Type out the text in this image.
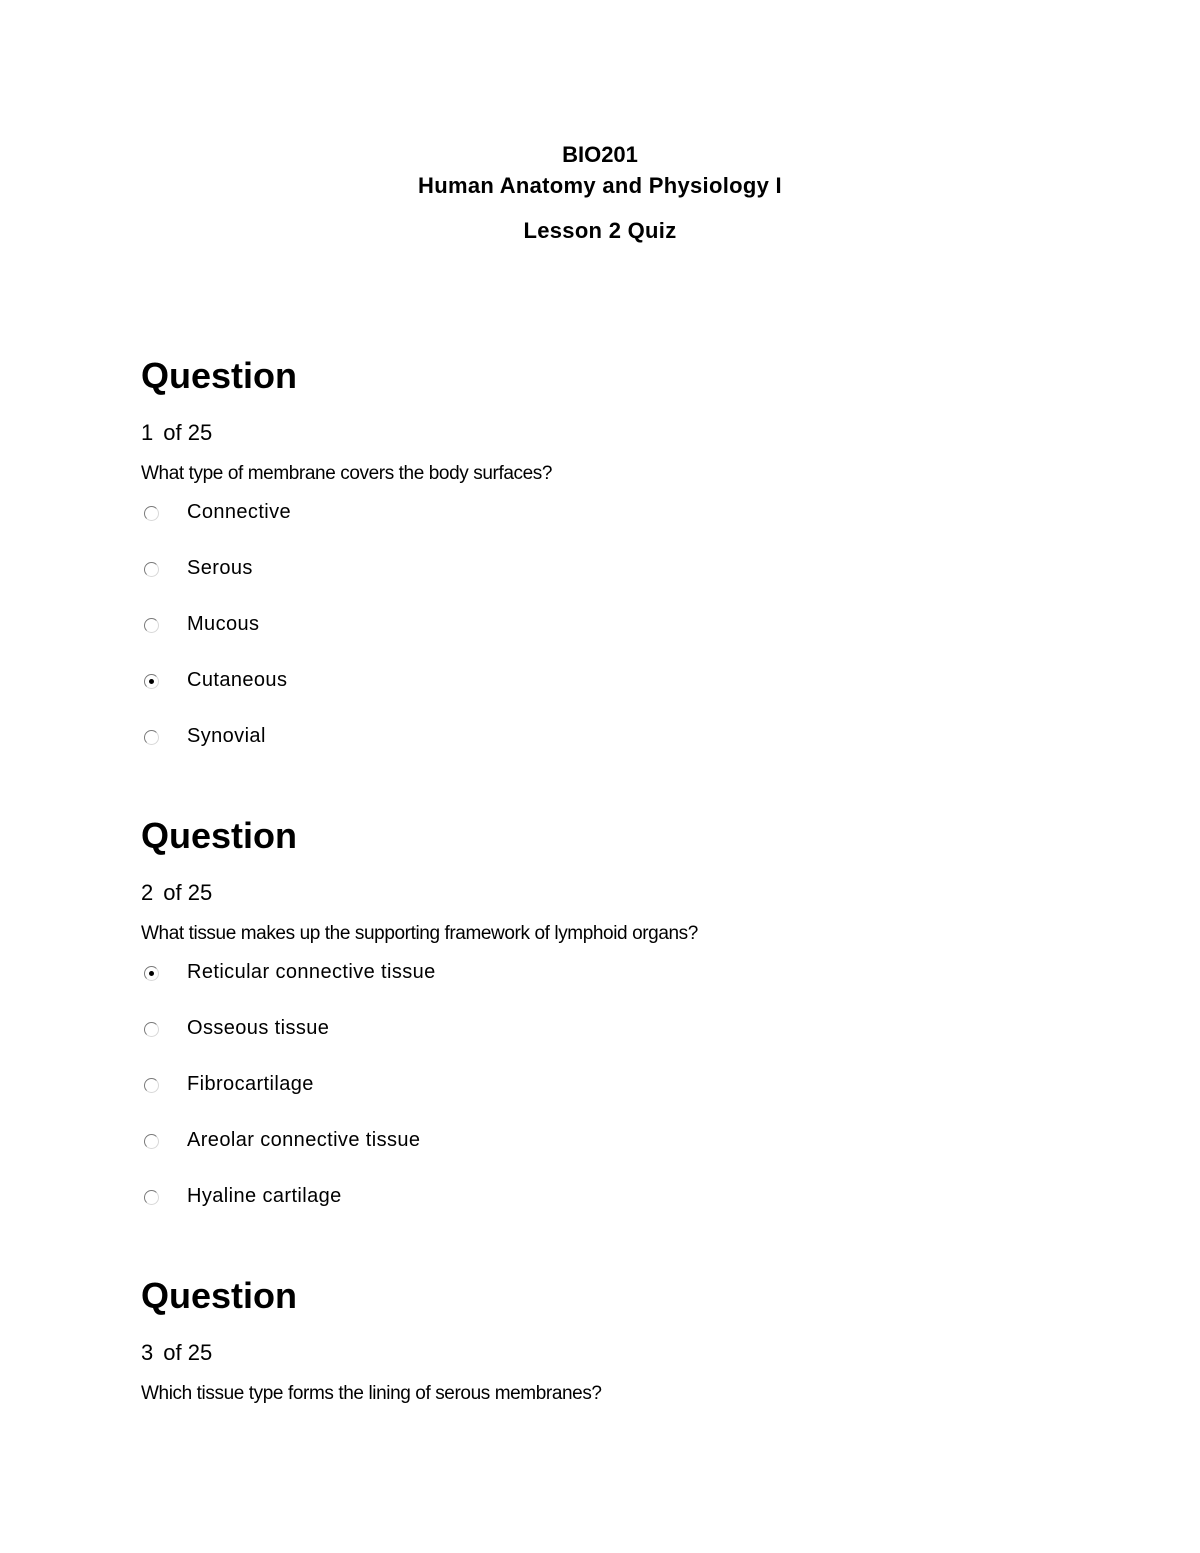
BIO201
Human Anatomy and Physiology I
Lesson 2 Quiz
Question
1 of 25
What type of membrane covers the body surfaces?
Connective
Serous
Mucous
Cutaneous
Synovial
Question
2 of 25
What tissue makes up the supporting framework of lymphoid organs?
Reticular connective tissue
Osseous tissue
Fibrocartilage
Areolar connective tissue
Hyaline cartilage
Question
3 of 25
Which tissue type forms the lining of serous membranes?
